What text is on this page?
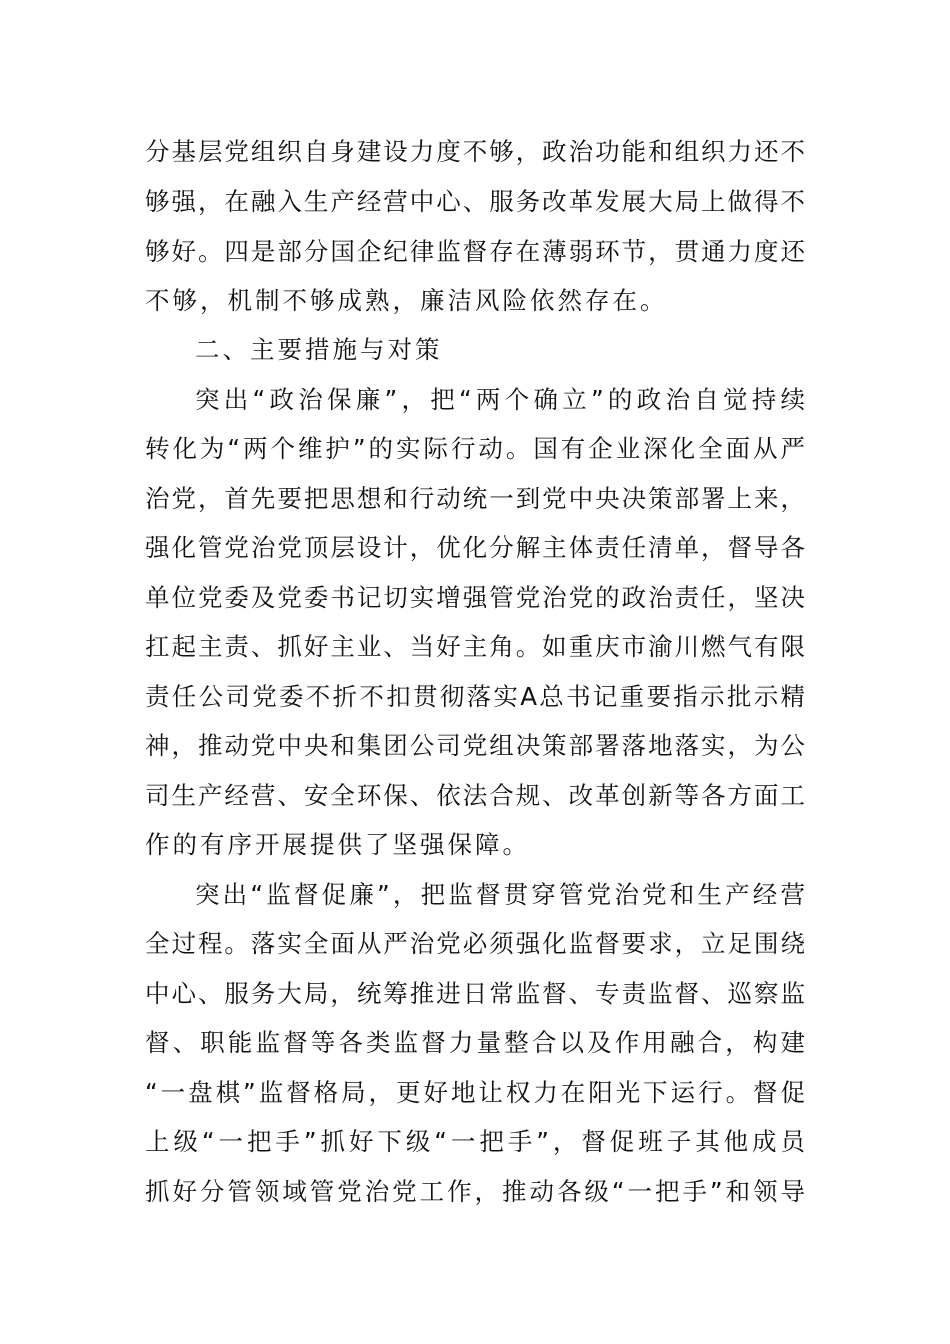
分基层党组织自身建设力度不够，政治功能和组织力还不
够强，在融入生产经营中心、服务改革发展大局上做得不
够好。四是部分国企纪律监督存在薄弱环节，贯通力度还
不够，机制不够成熟，廉洁风险依然存在。
二、主要措施与对策
突出“政治保廉”，把“两个确立”的政治自觉持续
转化为“两个维护”的实际行动。国有企业深化全面从严
治党，首先要把思想和行动统一到党中央决策部署上来，
强化管党治党顶层设计，优化分解主体责任清单，督导各
单位党委及党委书记切实增强管党治党的政治责任，坚决
扛起主责、抓好主业、当好主角。如重庆市渝川燃气有限
责任公司党委不折不扣贯彻落实A总书记重要指示批示精
神，推动党中央和集团公司党组决策部署落地落实，为公
司生产经营、安全环保、依法合规、改革创新等各方面工
作的有序开展提供了坚强保障。
突出“监督促廉”，把监督贯穿管党治党和生产经营
全过程。落实全面从严治党必须强化监督要求，立足围绕
中心、服务大局，统筹推进日常监督、专责监督、巡察监
督、职能监督等各类监督力量整合以及作用融合，构建
“一盘棋”监督格局，更好地让权力在阳光下运行。督促
上级“一把手”抓好下级“一把手”，督促班子其他成员
抓好分管领域管党治党工作，推动各级“一把手”和领导
